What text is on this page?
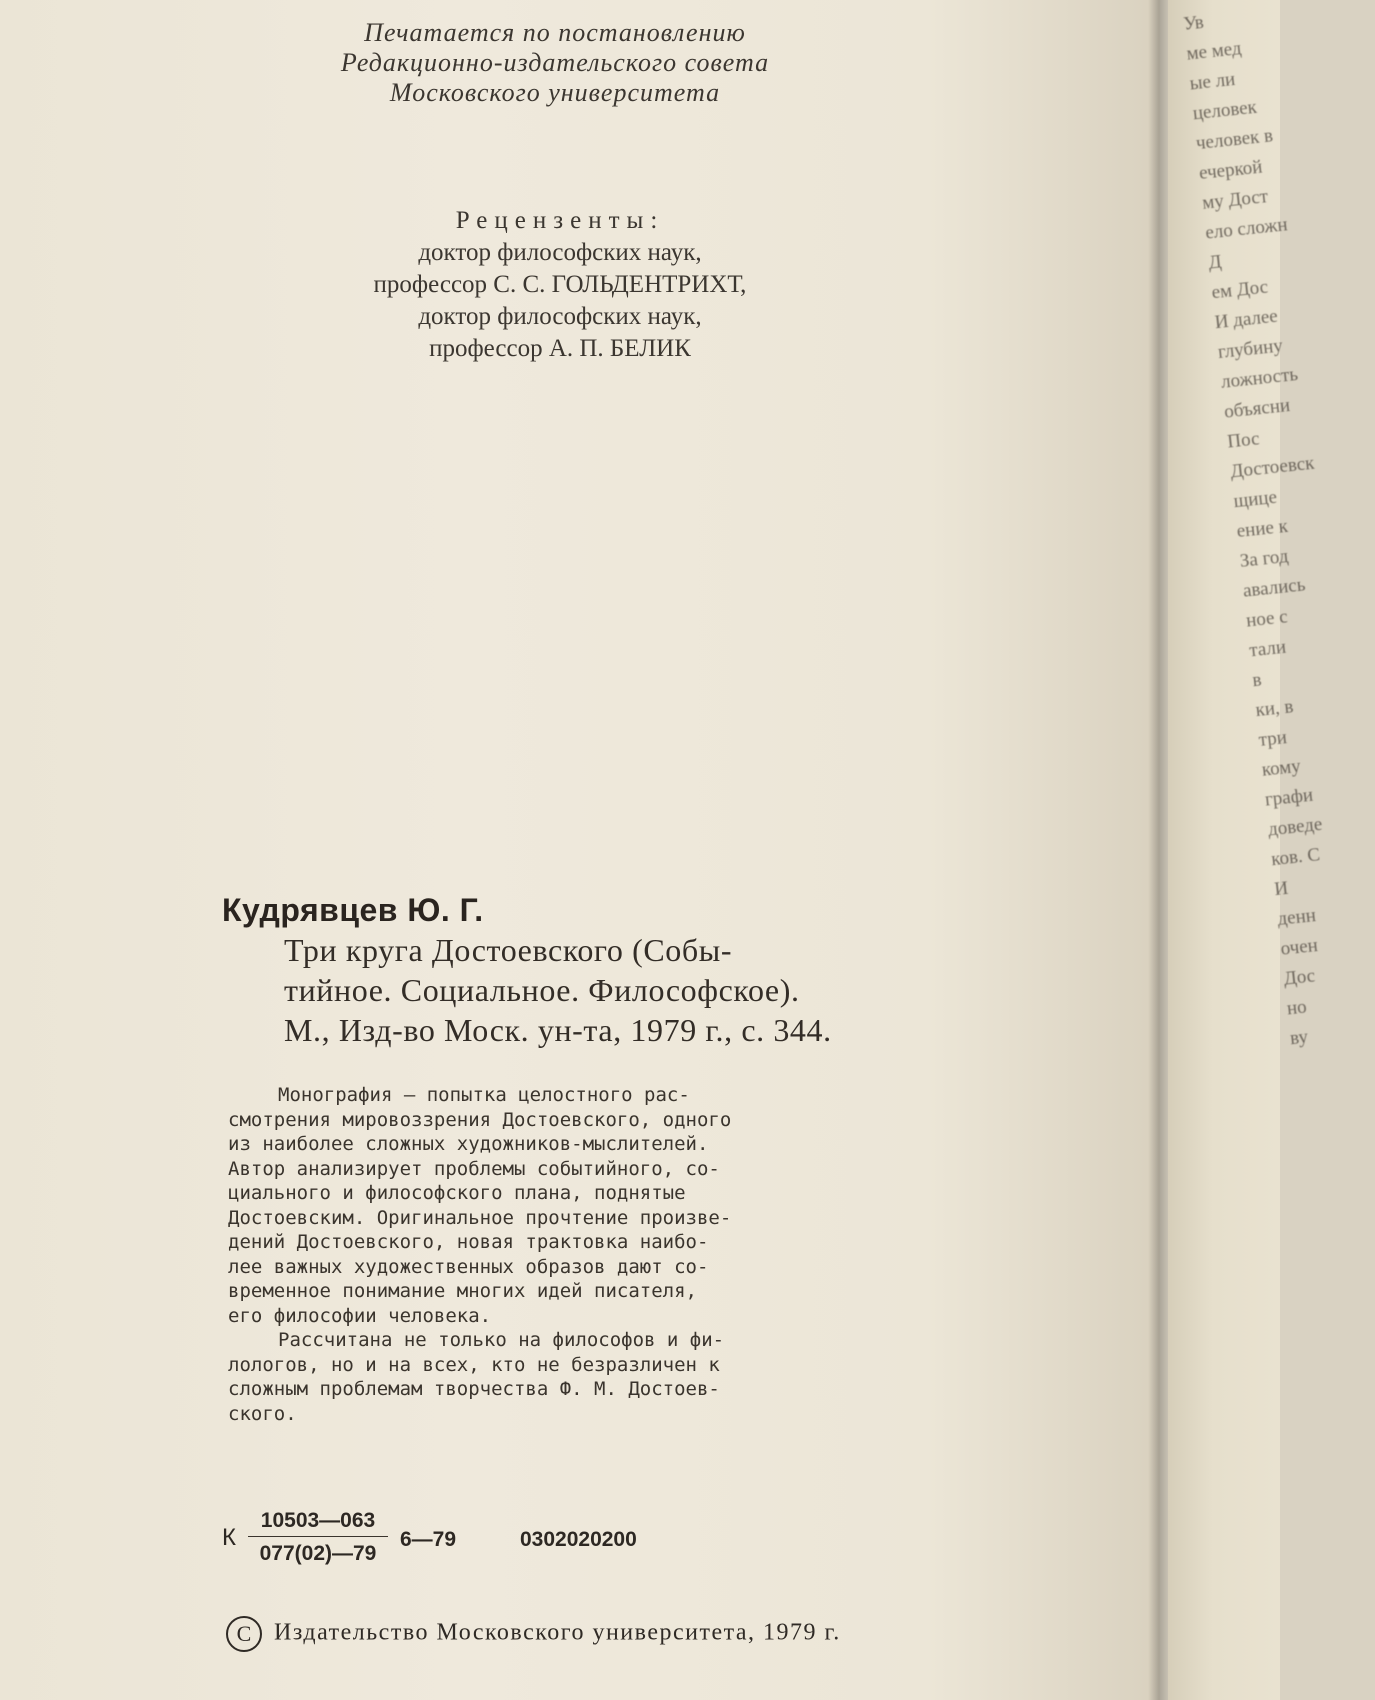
Печатается по постановлению
Редакционно-издательского совета
Московского университета
Рецензенты:
доктор философских наук,
профессор С. С. ГОЛЬДЕНТРИХТ,
доктор философских наук,
профессор А. П. БЕЛИК
Кудрявцев Ю. Г.
Три круга Достоевского (Собы-
тийное. Социальное. Философское).
М., Изд-во Моск. ун-та, 1979 г., с. 344.
Монография — попытка целостного рас-
смотрения мировоззрения Достоевского, одного
из наиболее сложных художников-мыслителей.
Автор анализирует проблемы событийного, со-
циального и философского плана, поднятые
Достоевским. Оригинальное прочтение произве-
дений Достоевского, новая трактовка наибо-
лее важных художественных образов дают со-
временное понимание многих идей писателя,
его философии человека.
Рассчитана не только на философов и фи-
лологов, но и на всех, кто не безразличен к
сложным проблемам творчества Ф. М. Достоев-
ского.
К $\frac{10503—063}{077(02)—79}$ 6—79	0302020200
С Издательство Московского университета, 1979 г.
Ув
ме мед
ые ли
целовек
человек в
ечеркой
му Дост
ело сложн
Д
ем Дос
И далее
глубину
ложность
объясни
Пос
Достоевск
щице
ение к
За год
авались
ное с
тали
в
ки, в
три
кому
графи
доведе
ков. С
И
денн
очен
Дос
но
ву
